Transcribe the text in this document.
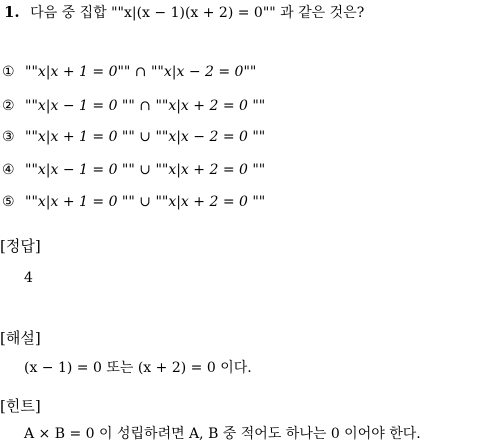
1. 다음 중 집합 ""x|(x − 1)(x + 2) = 0"" 과 같은 것은?
① ""x|x + 1 = 0"" ∩ ""x|x − 2 = 0""
② ""x|x − 1 = 0 "" ∩ ""x|x + 2 = 0 ""
③ ""x|x + 1 = 0 "" ∪ ""x|x − 2 = 0 ""
④ ""x|x − 1 = 0 "" ∪ ""x|x + 2 = 0 ""
⑤ ""x|x + 1 = 0 "" ∪ ""x|x + 2 = 0 ""
[정답]
4
[해설]
(x − 1) = 0 또는 (x + 2) = 0 이다.
[힌트]
A × B = 0 이 성립하려면 A, B 중 적어도 하나는 0 이어야 한다.
